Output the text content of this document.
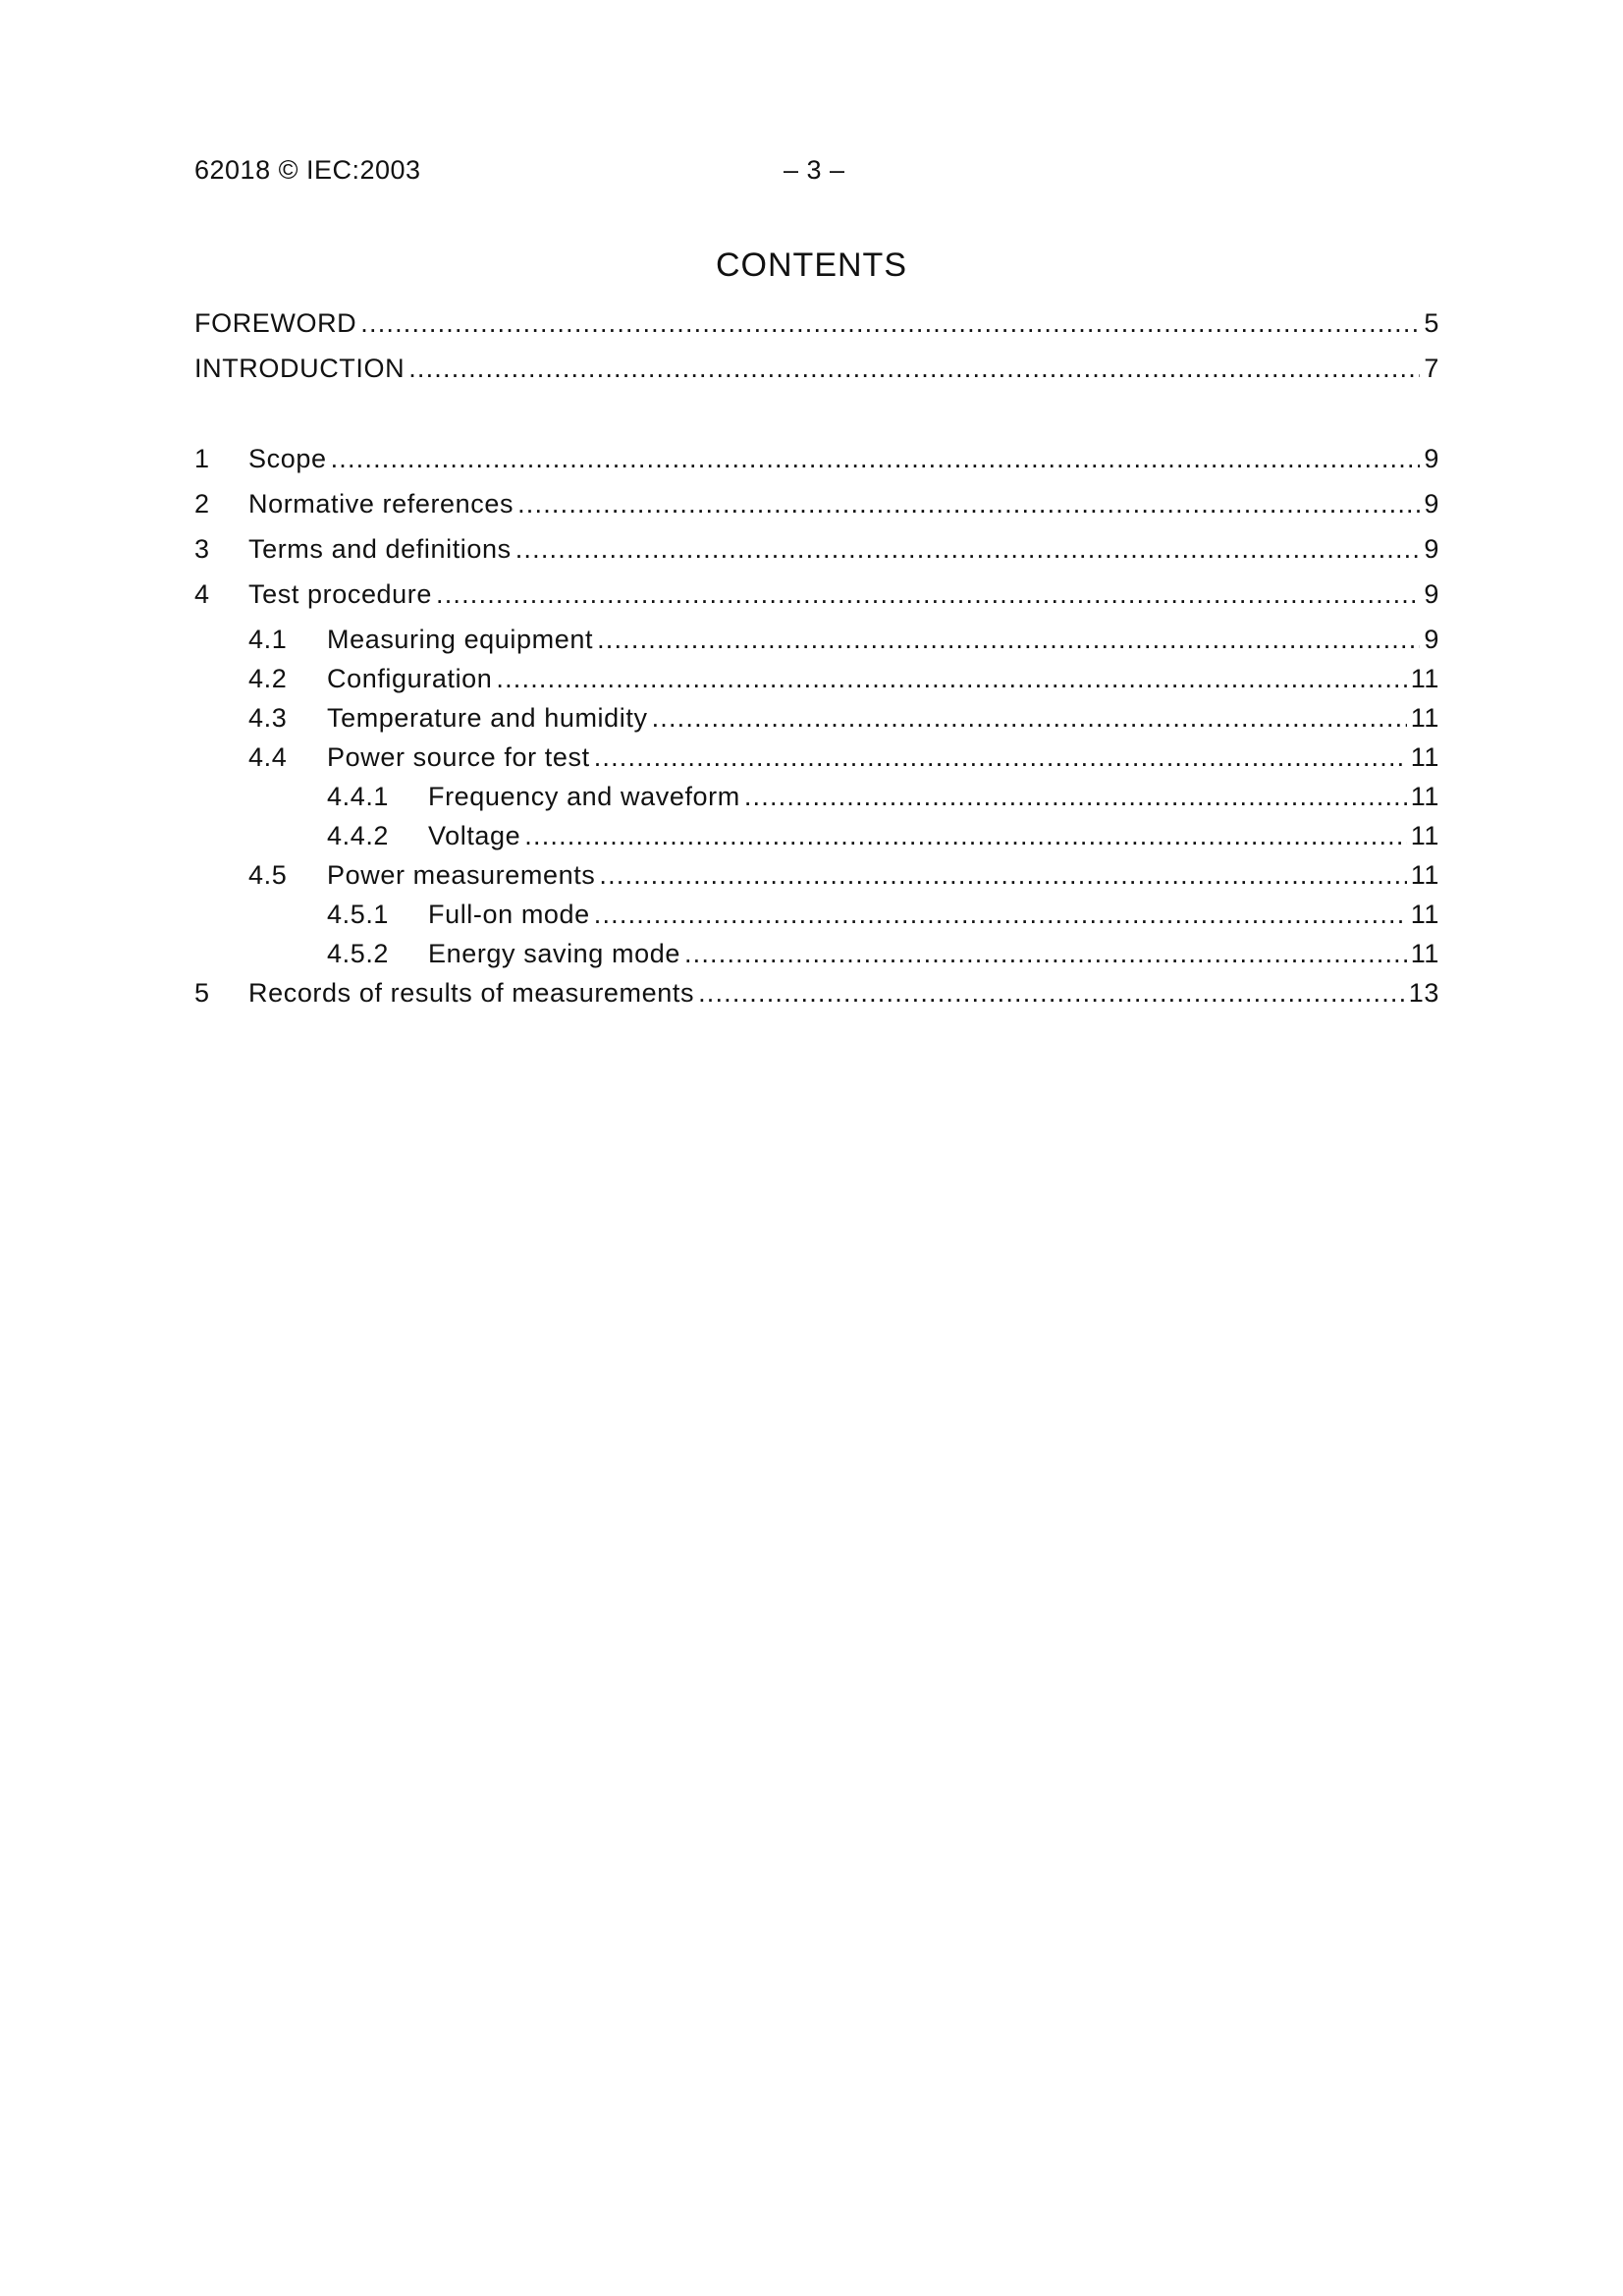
62018 © IEC:2003	– 3 –
CONTENTS
FOREWORD .....	5
INTRODUCTION .....	7
1	Scope .....	9
2	Normative references .....	9
3	Terms and definitions .....	9
4	Test procedure .....	9
4.1	Measuring equipment .....	9
4.2	Configuration .....	11
4.3	Temperature and humidity .....	11
4.4	Power source for test .....	11
4.4.1	Frequency and waveform .....	11
4.4.2	Voltage .....	11
4.5	Power measurements .....	11
4.5.1	Full-on mode .....	11
4.5.2	Energy saving mode .....	11
5	Records of results of measurements .....	13
